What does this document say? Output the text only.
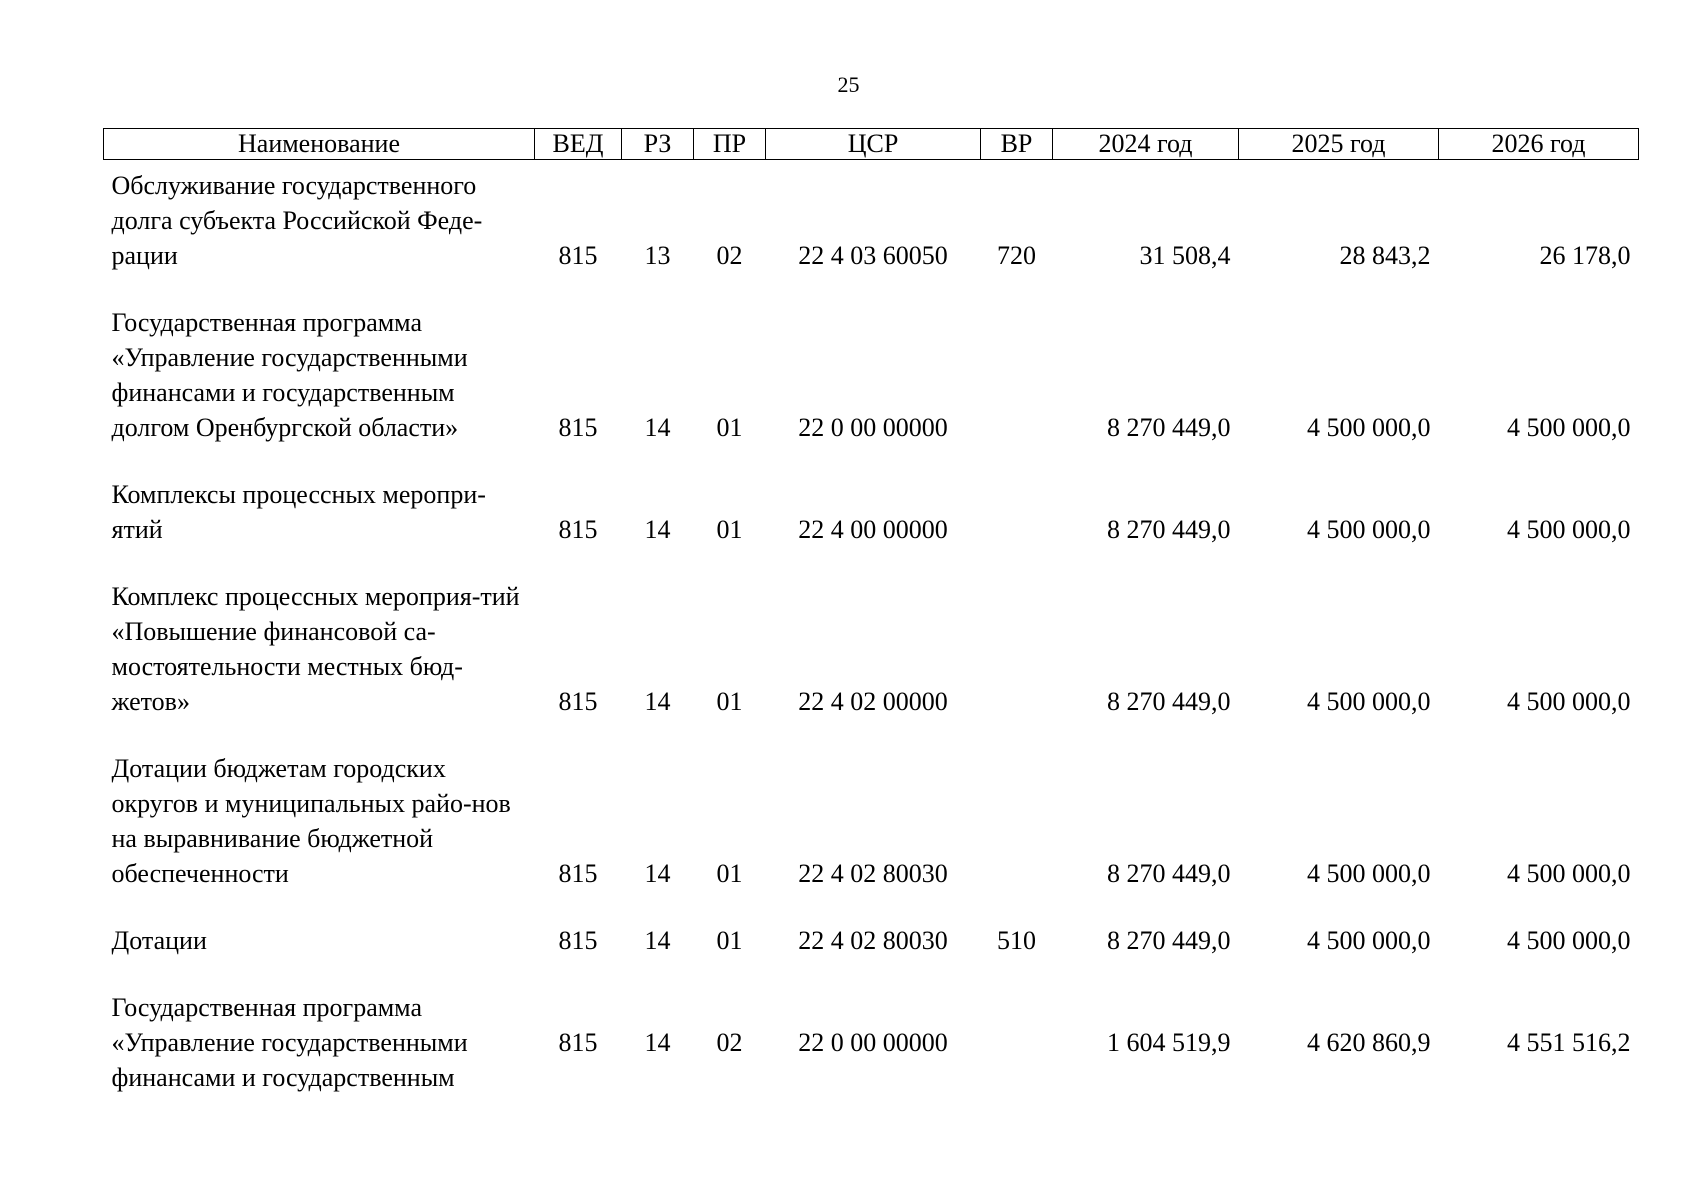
25
Наименование	ВЕД	РЗ	ПР	ЦСР	ВР	2024 год	2025 год	2026 год
Обслуживание государственного долга субъекта Российской Феде-рации	815	13	02	22 4 03 60050	720	31 508,4	28 843,2	26 178,0
Государственная программа «Управление государственными финансами и государственным долгом Оренбургской области»	815	14	01	22 0 00 00000		8 270 449,0	4 500 000,0	4 500 000,0
Комплексы процессных меропри-ятий	815	14	01	22 4 00 00000		8 270 449,0	4 500 000,0	4 500 000,0
Комплекс процессных мероприя-тий «Повышение финансовой са-мостоятельности местных бюд-жетов»	815	14	01	22 4 02 00000		8 270 449,0	4 500 000,0	4 500 000,0
Дотации бюджетам городских округов и муниципальных райо-нов на выравнивание бюджетной обеспеченности	815	14	01	22 4 02 80030		8 270 449,0	4 500 000,0	4 500 000,0
Дотации	815	14	01	22 4 02 80030	510	8 270 449,0	4 500 000,0	4 500 000,0
Государственная программа «Управление государственными финансами и государственным	815	14	02	22 0 00 00000		1 604 519,9	4 620 860,9	4 551 516,2
